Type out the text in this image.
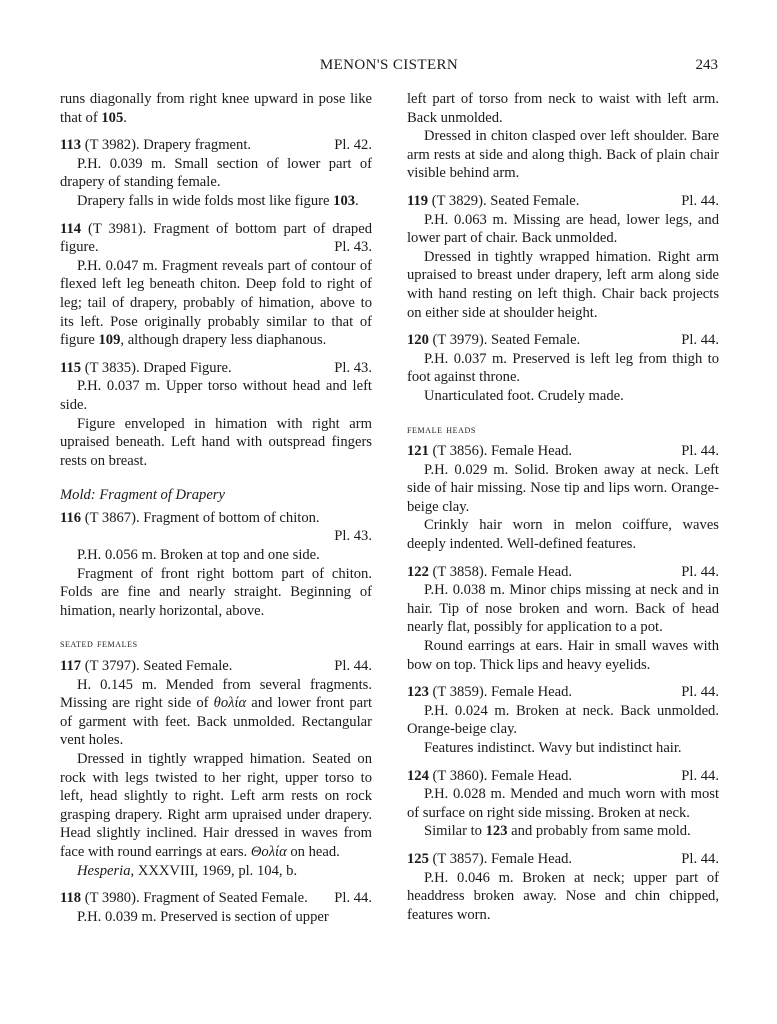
MENON'S CISTERN	243

runs diagonally from right knee upward in pose like that of 105.

Pl. 42.
113 (T 3982). Drapery fragment.

P.H. 0.039 m. Small section of lower part of drapery of standing female.

Drapery falls in wide folds most like figure 103.

114 (T 3981). Fragment of bottom part of draped figure.	Pl. 43.

P.H. 0.047 m. Fragment reveals part of contour of flexed left leg beneath chiton. Deep fold to right of leg; tail of drapery, probably of himation, above to its left. Pose originally probably similar to that of figure 109, although drapery less diaphanous.

Pl. 43.
115 (T 3835). Draped Figure.

P.H. 0.037 m. Upper torso without head and left side.

Figure enveloped in himation with right arm upraised beneath. Left hand with outspread fingers rests on breast.

Mold: Fragment of Drapery

116 (T 3867). Fragment of bottom of chiton.

Pl. 43.

P.H. 0.056 m. Broken at top and one side.

Fragment of front right bottom part of chiton. Folds are fine and nearly straight. Beginning of himation, nearly horizontal, above.

seated females

Pl. 44.
117 (T 3797). Seated Female.

H. 0.145 m. Mended from several fragments. Missing are right side of θoλία and lower front part of garment with feet. Back unmolded. Rectangular vent holes.

Dressed in tightly wrapped himation. Seated on rock with legs twisted to her right, upper torso to left, head slightly to right. Left arm rests on rock grasping drapery. Right arm upraised under drapery. Head slightly inclined. Hair dressed in waves from face with round earrings at ears. Θoλία on head.

Hesperia, XXXVIII, 1969, pl. 104, b.

Pl. 44.
118 (T 3980). Fragment of Seated Female.

P.H. 0.039 m. Preserved is section of upper

left part of torso from neck to waist with left arm. Back unmolded.

Dressed in chiton clasped over left shoulder. Bare arm rests at side and along thigh. Back of plain chair visible behind arm.

Pl. 44.
119 (T 3829). Seated Female.

P.H. 0.063 m. Missing are head, lower legs, and lower part of chair. Back unmolded.

Dressed in tightly wrapped himation. Right arm upraised to breast under drapery, left arm along side with hand resting on left thigh. Chair back projects on either side at shoulder height.

Pl. 44.
120 (T 3979). Seated Female.

P.H. 0.037 m. Preserved is left leg from thigh to foot against throne.

Unarticulated foot. Crudely made.

female heads

Pl. 44.
121 (T 3856). Female Head.

P.H. 0.029 m. Solid. Broken away at neck. Left side of hair missing. Nose tip and lips worn. Orange-beige clay.

Crinkly hair worn in melon coiffure, waves deeply indented. Well-defined features.

Pl. 44.
122 (T 3858). Female Head.

P.H. 0.038 m. Minor chips missing at neck and in hair. Tip of nose broken and worn. Back of head nearly flat, possibly for application to a pot.

Round earrings at ears. Hair in small waves with bow on top. Thick lips and heavy eyelids.

Pl. 44.
123 (T 3859). Female Head.

P.H. 0.024 m. Broken at neck. Back unmolded. Orange-beige clay.

Features indistinct. Wavy but indistinct hair.

Pl. 44.
124 (T 3860). Female Head.

P.H. 0.028 m. Mended and much worn with most of surface on right side missing. Broken at neck.

Similar to 123 and probably from same mold.

Pl. 44.
125 (T 3857). Female Head.

P.H. 0.046 m. Broken at neck; upper part of headdress broken away. Nose and chin chipped, features worn.
